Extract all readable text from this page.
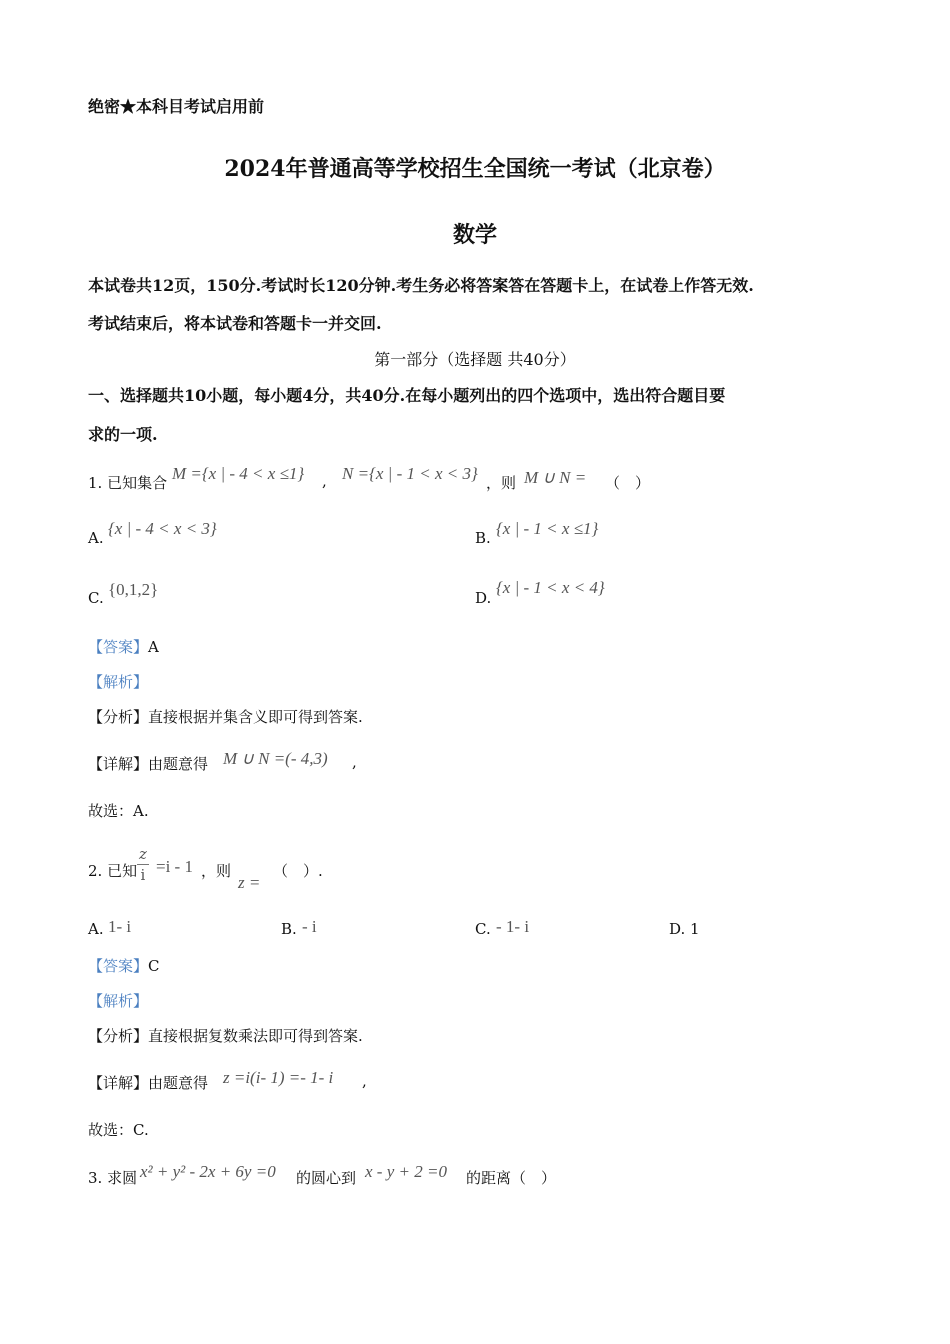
绝密★本科目考试启用前
2024年普通高等学校招生全国统一考试（北京卷）
数学
本试卷共12页，150分.考试时长120分钟.考生务必将答案答在答题卡上，在试卷上作答无效.
考试结束后，将本试卷和答题卡一并交回.
第一部分（选择题 共40分）
一、选择题共10小题，每小题4分，共40分.在每小题列出的四个选项中，选出符合题目要
求的一项.
1. 已知集合 M ={x | - 4 < x ≤1} , N ={x | - 1 < x < 3} ，则 M ∪ N = （　）
A. {x | - 4 < x < 3}	B. {x | - 1 < x ≤1}
C. {0,1,2}	D.
{x | - 1 < x < 4}
【答案】A
【解析】
【分析】直接根据并集含义即可得到答案.
【详解】由题意得 M ∪ N =(- 4,3) ,
故选：A.
2. 已知 $\frac{z}{i} =i - 1$ ，则
z =
（　）.
A. 1- i	B. - i	C. - 1- i	D. 1
【答案】C
【解析】
【分析】直接根据复数乘法即可得到答案.
【详解】由题意得 z =i(i- 1) =- 1- i ,
故选：C.
3. 求圆 x² + y² - 2x + 6y =0 的圆心到 x - y + 2 =0 的距离（　）
